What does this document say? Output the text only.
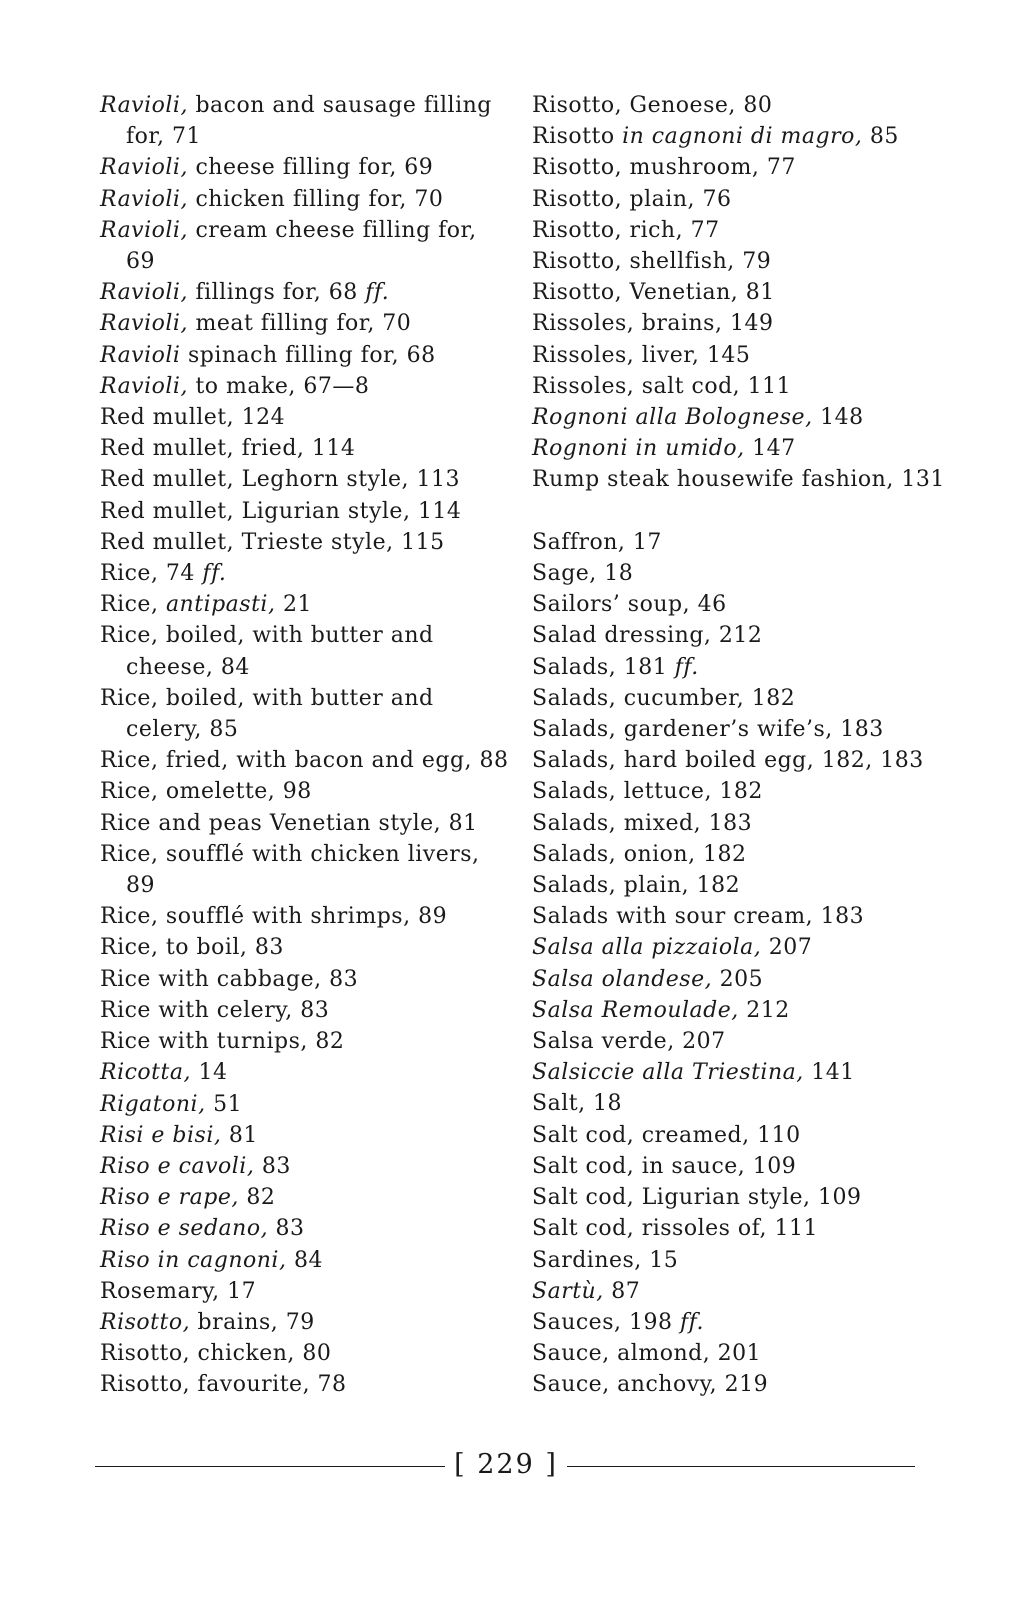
Ravioli, bacon and sausage filling for, 71
Ravioli, cheese filling for, 69
Ravioli, chicken filling for, 70
Ravioli, cream cheese filling for, 69
Ravioli, fillings for, 68 ff.
Ravioli, meat filling for, 70
Ravioli spinach filling for, 68
Ravioli, to make, 67—8
Red mullet, 124
Red mullet, fried, 114
Red mullet, Leghorn style, 113
Red mullet, Ligurian style, 114
Red mullet, Trieste style, 115
Rice, 74 ff.
Rice, antipasti, 21
Rice, boiled, with butter and cheese, 84
Rice, boiled, with butter and celery, 85
Rice, fried, with bacon and egg, 88
Rice, omelette, 98
Rice and peas Venetian style, 81
Rice, soufflé with chicken livers, 89
Rice, soufflé with shrimps, 89
Rice, to boil, 83
Rice with cabbage, 83
Rice with celery, 83
Rice with turnips, 82
Ricotta, 14
Rigatoni, 51
Risi e bisi, 81
Riso e cavoli, 83
Riso e rape, 82
Riso e sedano, 83
Riso in cagnoni, 84
Rosemary, 17
Risotto, brains, 79
Risotto, chicken, 80
Risotto, favourite, 78
Risotto, Genoese, 80
Risotto in cagnoni di magro, 85
Risotto, mushroom, 77
Risotto, plain, 76
Risotto, rich, 77
Risotto, shellfish, 79
Risotto, Venetian, 81
Rissoles, brains, 149
Rissoles, liver, 145
Rissoles, salt cod, 111
Rognoni alla Bolognese, 148
Rognoni in umido, 147
Rump steak housewife fashion, 131
Saffron, 17
Sage, 18
Sailors’ soup, 46
Salad dressing, 212
Salads, 181 ff.
Salads, cucumber, 182
Salads, gardener’s wife’s, 183
Salads, hard boiled egg, 182, 183
Salads, lettuce, 182
Salads, mixed, 183
Salads, onion, 182
Salads, plain, 182
Salads with sour cream, 183
Salsa alla pizzaiola, 207
Salsa olandese, 205
Salsa Remoulade, 212
Salsa verde, 207
Salsiccie alla Triestina, 141
Salt, 18
Salt cod, creamed, 110
Salt cod, in sauce, 109
Salt cod, Ligurian style, 109
Salt cod, rissoles of, 111
Sardines, 15
Sartù, 87
Sauces, 198 ff.
Sauce, almond, 201
Sauce, anchovy, 219
[ 229 ]
